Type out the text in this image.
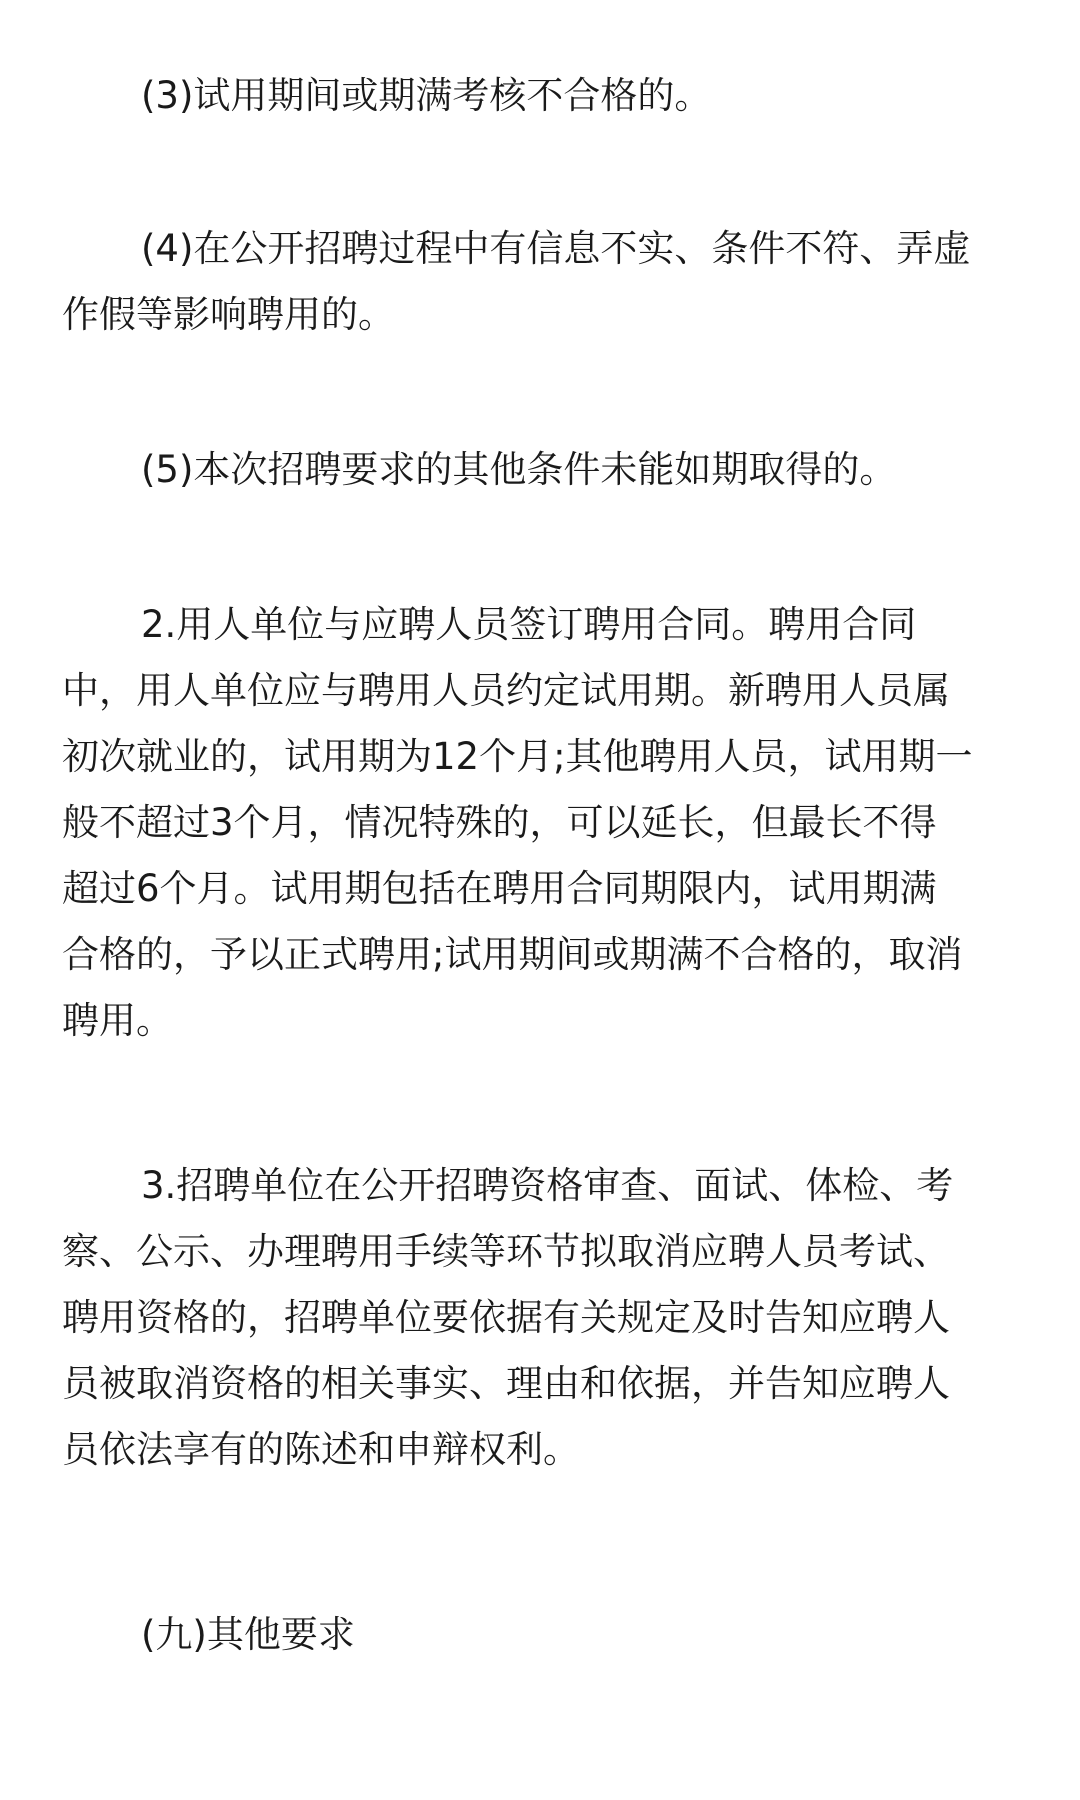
(3)试用期间或期满考核不合格的。

(4)在公开招聘过程中有信息不实、条件不符、弄虚
作假等影响聘用的。

(5)本次招聘要求的其他条件未能如期取得的。

2.用人单位与应聘人员签订聘用合同。聘用合同
中，用人单位应与聘用人员约定试用期。新聘用人员属
初次就业的，试用期为12个月;其他聘用人员，试用期一
般不超过3个月，情况特殊的，可以延长，但最长不得
超过6个月。试用期包括在聘用合同期限内，试用期满
合格的，予以正式聘用;试用期间或期满不合格的，取消
聘用。

3.招聘单位在公开招聘资格审查、面试、体检、考
察、公示、办理聘用手续等环节拟取消应聘人员考试、
聘用资格的，招聘单位要依据有关规定及时告知应聘人
员被取消资格的相关事实、理由和依据，并告知应聘人
员依法享有的陈述和申辩权利。

(九)其他要求
